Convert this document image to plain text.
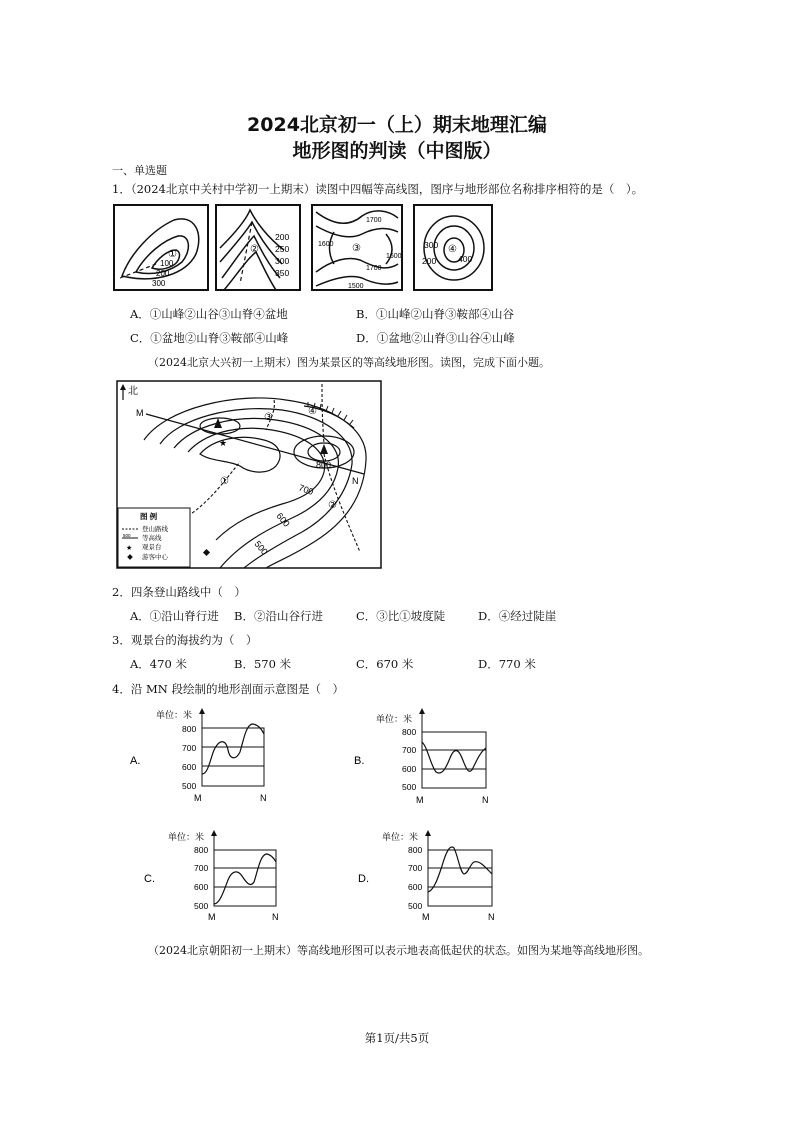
2024北京初一（上）期末地理汇编
地形图的判读（中图版）
一、单选题
1．（2024北京中关村中学初一上期末）读图中四幅等高线图，图序与地形部位名称排序相符的是（　）。
①
100
200
300
②
200
250
300
350
③
1700
1600
1700
1600
1500
④
300
400
200
A．①山峰②山谷③山脊④盆地	B．①山峰②山脊③鞍部④山谷
C．①盆地②山脊③鞍部④山峰	D．①盆地②山脊③山谷④山峰
（2024北京大兴初一上期末）图为某景区的等高线地形图。读图，完成下面小题。
北
M
N
★
③
④
①
②
800
700
600
500
图 例
登山路线
500 等高线
★ 观景台
游客中心
2．四条登山路线中（　）
A．①沿山脊行进 B．②沿山谷行进	C．③比①坡度陡	D．④经过陡崖
3．观景台的海拔约为（　）
A．470 米	B．570 米	C．670 米	D．770 米
4．沿 MN 段绘制的地形剖面示意图是（　）
A.
单位：米
800
700
600
500
M	N
B.
单位：米
800
700
600
500
M	N
C.
单位：米
800
700
600
500
M	N
D.
单位：米
800
700
600
500
M	N
（2024北京朝阳初一上期末）等高线地形图可以表示地表高低起伏的状态。如图为某地等高线地形图。
第1页/共5页
